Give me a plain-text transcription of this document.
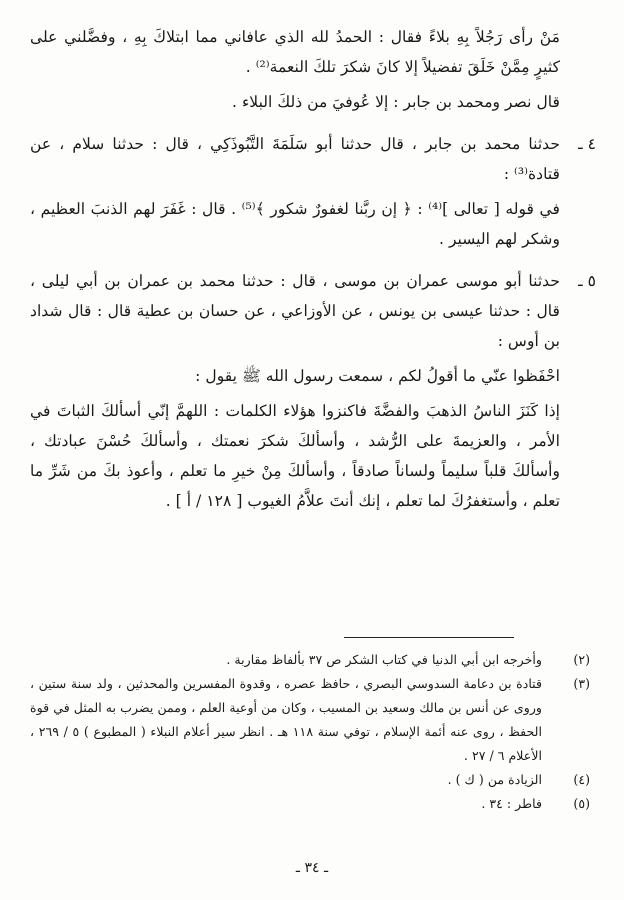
مَنْ رأى رَجُلاً بِهِ بلاءً فقال : الحمدُ لله الذي عافاني مما ابتلاكَ بِهِ ، وفضَّلني على كثيرٍ مِمَّنْ خَلَقَ تفضيلاً إلا كانَ شكرَ تلكَ النعمة⁽²⁾ .

قال نصر ومحمد بن جابر : إلا عُوفيَ من ذلكَ البلاء .

٤ ـ
حدثنا محمد بن جابر ، قال حدثنا أبو سَلَمَةَ التَّبُوذَكِي ، قال : حدثنا سلام ، عن قتادة⁽³⁾ :

في قوله [ تعالى ]⁽⁴⁾ : ﴿ إن ربَّنا لغفورٌ شكور ﴾⁽⁵⁾ . قال : غَفَرَ لهم الذنبَ العظيم ، وشكر لهم اليسير .

٥ ـ
حدثنا أبو موسى عمران بن موسى ، قال : حدثنا محمد بن عمران بن أبي ليلى ، قال : حدثنا عيسى بن يونس ، عن الأوزاعي ، عن حسان بن عطية قال : قال شداد بن أوس :

احْفَظوا عنّي ما أقولُ لكم ، سمعت رسول الله ﷺ يقول :

إذا كَنَزَ الناسُ الذهبَ والفضَّةَ فاكنزوا هؤلاء الكلمات : اللهمَّ إنّي أسألكَ الثباتَ في الأمر ، والعزيمةَ على الرُّشد ، وأسألكَ شكرَ نعمتك ، وأسألكَ حُسْنَ عبادتك ، وأسألكَ قلباً سليماً ولساناً صادقاً ، وأسألكَ مِنْ خيرِ ما تعلم ، وأعوذ بكَ من شَرِّ ما تعلم ، وأستغفرُكَ لما تعلم ، إنك أنتَ علاَّمُ الغيوب [ ١٢٨ / أ ] .

(٢)
وأخرجه ابن أبي الدنيا في كتاب الشكر ص ٣٧ بألفاظ مقاربة .
(٣)
قتادة بن دعامة السدوسي البصري ، حافظ عصره ، وقدوة المفسرين والمحدثين ، ولد سنة ستين ، وروى عن أنس بن مالك وسعيد بن المسيب ، وكان من أوعية العلم ، وممن يضرب به المثل في قوة الحفظ ، روى عنه أئمة الإسلام ، توفي سنة ١١٨ هـ . انظر سير أعلام النبلاء ( المطبوع ) ٥ / ٢٦٩ ، الأعلام ٦ / ٢٧ .
(٤)
الزيادة من ( ك ) .
(٥)
فاطر : ٣٤ .
ـ ٣٤ ـ
